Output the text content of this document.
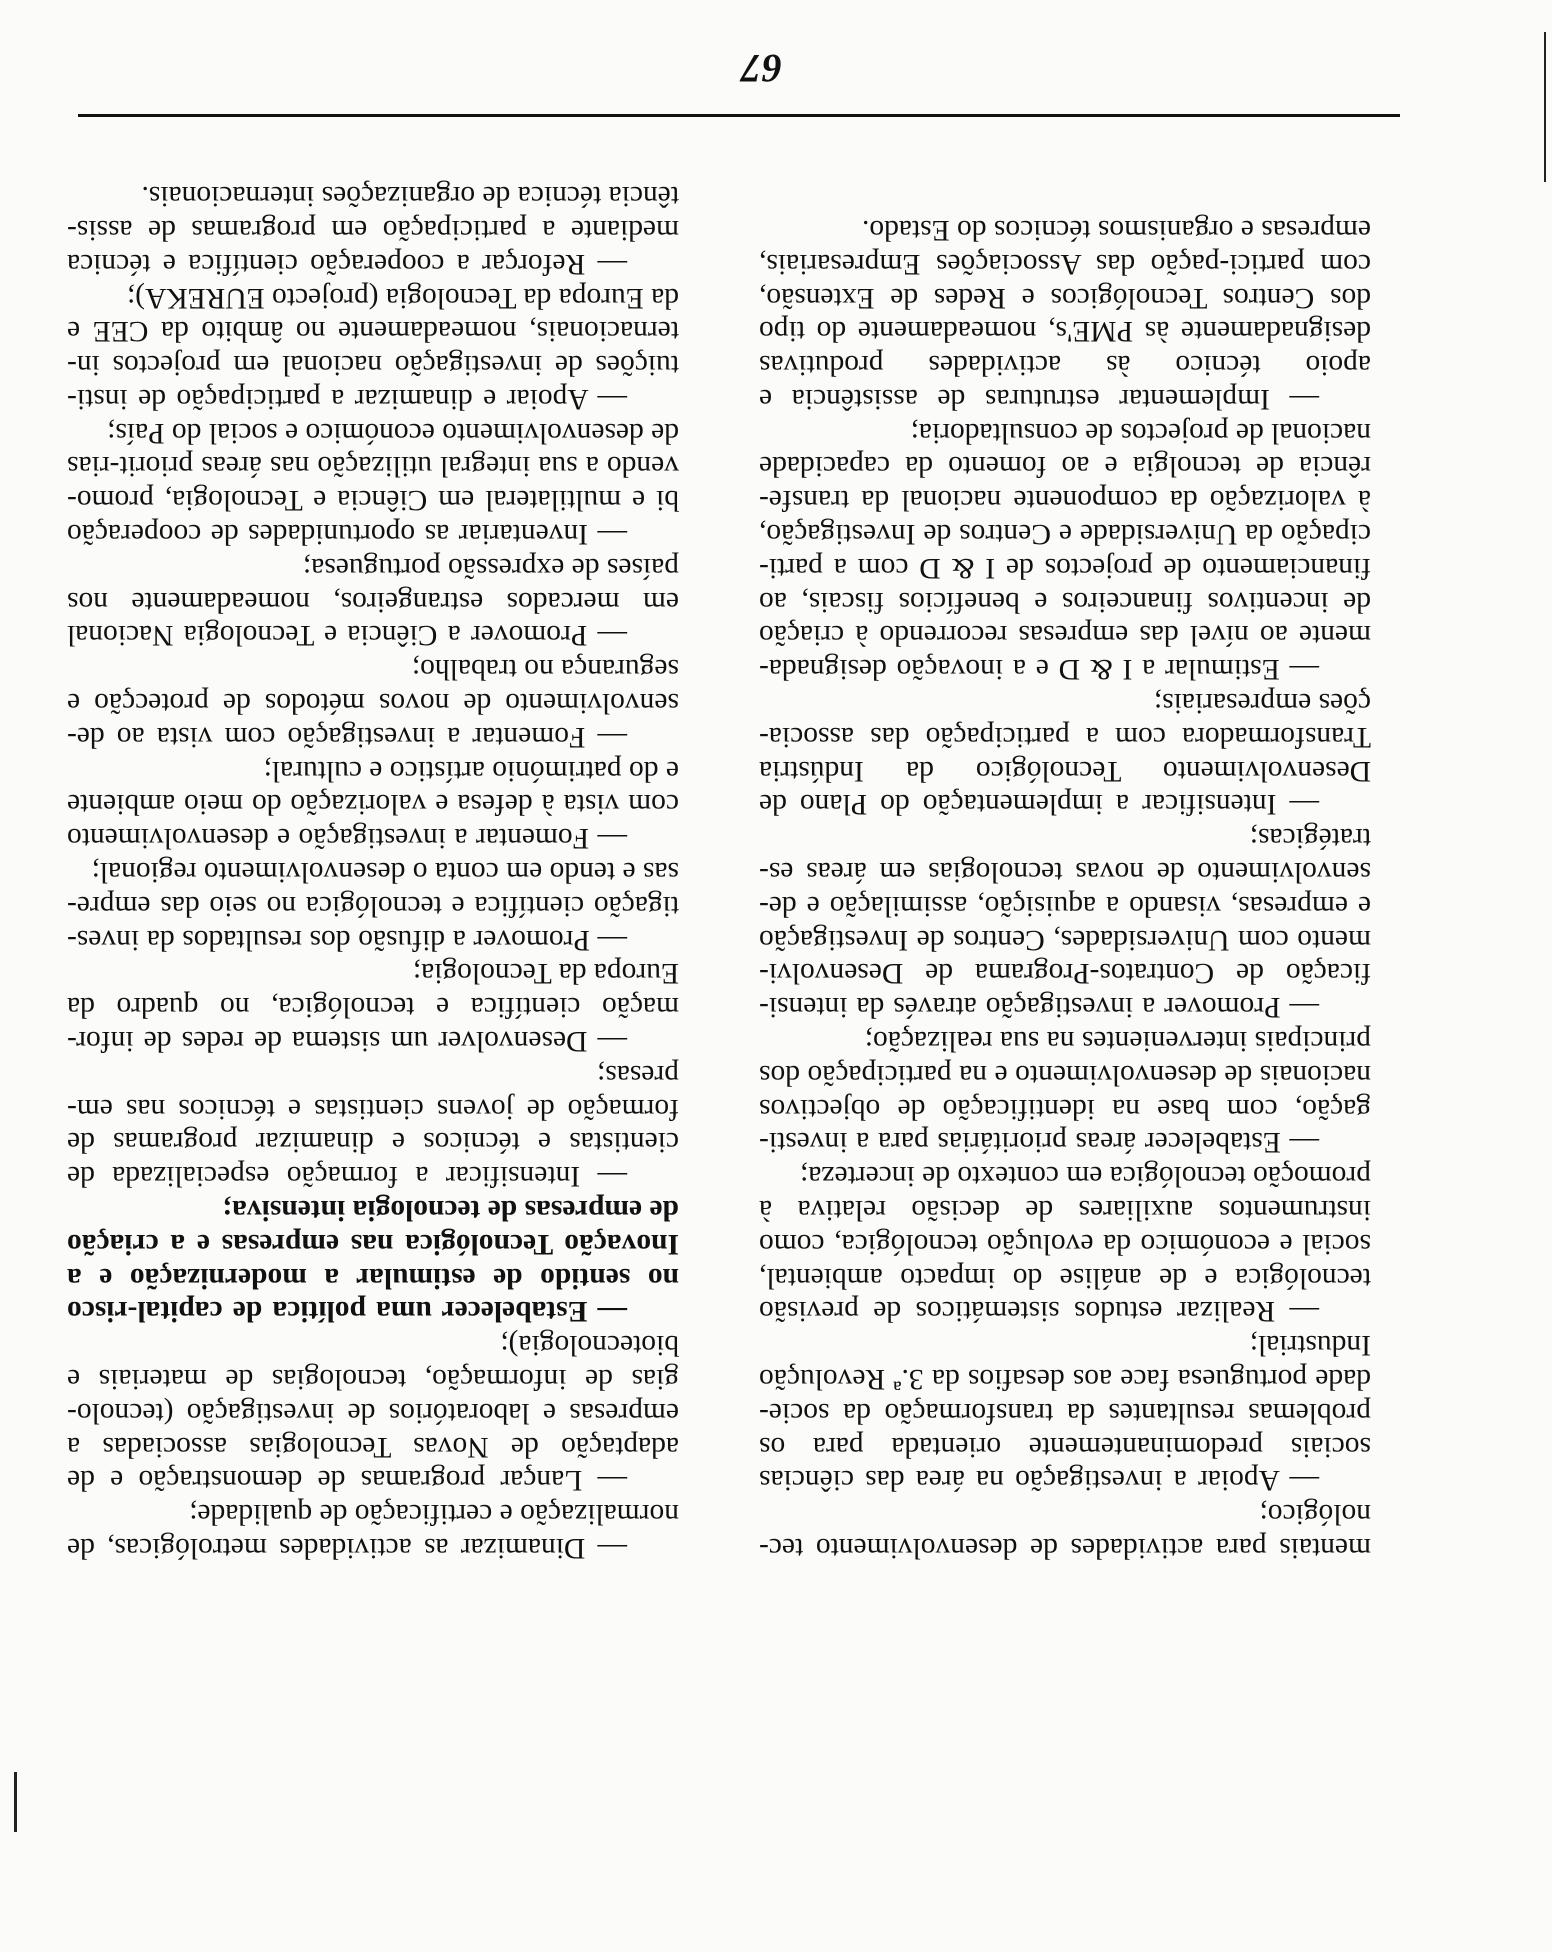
67

mentais para actividades de desenvolvimento tec-nológico;

— Apoiar a investigação na área das ciências sociais predominantemente orientada para os problemas resultantes da transformação da socie-dade portuguesa face aos desafios da 3.ª Revolução Industrial;

— Realizar estudos sistemáticos de previsão tecnológica e de análise do impacto ambiental, social e económico da evolução tecnológica, como instrumentos auxiliares de decisão relativa à promoção tecnológica em contexto de incerteza;

— Estabelecer áreas prioritárias para a investi-gação, com base na identificação de objectivos nacionais de desenvolvimento e na participação dos principais intervenientes na sua realização;

— Promover a investigação através da intensi-ficação de Contratos-Programa de Desenvolvi-mento com Universidades, Centros de Investigação e empresas, visando a aquisição, assimilação e de-senvolvimento de novas tecnologias em áreas es-tratégicas;

— Intensificar a implementação do Plano de Desenvolvimento Tecnológico da Indústria Transformadora com a participação das associa-ções empresariais;

— Estimular a I & D e a inovação designada-mente ao nível das empresas recorrendo à criação de incentivos financeiros e benefícios fiscais, ao financiamento de projectos de I & D com a parti-cipação da Universidade e Centros de Investigação, à valorização da componente nacional da transfe-rência de tecnolgia e ao fomento da capacidade nacional de projectos de consultadoria;

— Implementar estruturas de assistência e apoio técnico às actividades produtivas designadamente às PME's, nomeadamente do tipo dos Centros Tecnológicos e Redes de Extensão, com partici-pação das Associações Empresariais, empresas e organismos técnicos do Estado.

— Dinamizar as actividades metrológicas, de normalização e certificação de qualidade;

— Lançar programas de demonstração e de adaptação de Novas Tecnologias associadas a empresas e laboratórios de investigação (tecnolo-gias de informação, tecnologias de materiais e biotecnologia);

— Estabelecer uma política de capital-risco no sentido de estimular a modernização e a Inovação Tecnológica nas empresas e a criação de empresas de tecnologia intensiva;

— Intensificar a formação especializada de cientistas e técnicos e dinamizar programas de formação de jovens cientistas e técnicos nas em-presas;

— Desenvolver um sistema de redes de infor-mação científica e tecnológica, no quadro da Europa da Tecnologia;

— Promover a difusão dos resultados da inves-tigação científica e tecnológica no seio das empre-sas e tendo em conta o desenvolvimento regional;

— Fomentar a investigação e desenvolvimento com vista à defesa e valorização do meio ambiente e do património artístico e cultural;

— Fomentar a investigação com vista ao de-senvolvimento de novos métodos de protecção e segurança no trabalho;

— Promover a Ciência e Tecnologia Nacional em mercados estrangeiros, nomeadamente nos países de expressão portuguesa;

— Inventariar as oportunidades de cooperação bi e multilateral em Ciência e Tecnologia, promo-vendo a sua integral utilização nas áreas priorit-rias de desenvolvimento económico e social do País;

— Apoiar e dinamizar a participação de insti-tuições de investigação nacional em projectos in-ternacionais, nomeadamente no âmbito da CEE e da Europa da Tecnologia (projecto EUREKA);

— Reforçar a cooperação científica e técnica mediante a participação em programas de assis-tência técnica de organizações internacionais.
